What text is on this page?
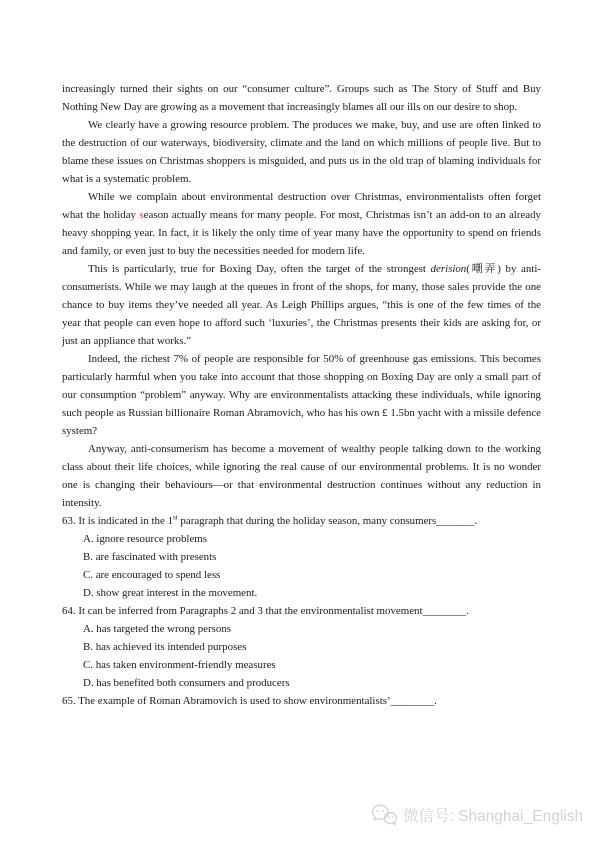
increasingly turned their sights on our “consumer culture”. Groups such as The Story of Stuff and Buy Nothing New Day are growing as a movement that increasingly blames all our ills on our desire to shop.

We clearly have a growing resource problem. The produces we make, buy, and use are often linked to the destruction of our waterways, biodiversity, climate and the land on which millions of people live. But to blame these issues on Christmas shoppers is misguided, and puts us in the old trap of blaming individuals for what is a systematic problem.

While we complain about environmental destruction over Christmas, environmentalists often forget what the holiday season actually means for many people. For most, Christmas isn’t an add-on to an already heavy shopping year. In fact, it is likely the only time of year many have the opportunity to spend on friends and family, or even just to buy the necessities needed for modern life.

This is particularly, true for Boxing Day, often the target of the strongest derision(嘲弄) by anti-consumerists. While we may laugh at the queues in front of the shops, for many, those sales provide the one chance to buy items they’ve needed all year. As Leigh Phillips argues, “this is one of the few times of the year that people can even hope to afford such ‘luxuries’, the Christmas presents their kids are asking for, or just an appliance that works.”

Indeed, the richest 7% of people are responsible for 50% of greenhouse gas emissions. This becomes particularly harmful when you take into account that those shopping on Boxing Day are only a small part of our consumption “problem” anyway. Why are environmentalists attacking these individuals, while ignoring such people as Russian billionaire Roman Abramovich, who has his own £ 1.5bn yacht with a missile defence system?

Anyway, anti-consumerism has become a movement of wealthy people talking down to the working class about their life choices, while ignoring the real cause of our environmental problems. It is no wonder one is changing their behaviours—or that environmental destruction continues without any reduction in intensity.

63. It is indicated in the 1st paragraph that during the holiday season, many consumers_______.

A. ignore resource problems

B. are fascinated with presents

C. are encouraged to spend less

D. show great interest in the movement.

64. It can be inferred from Paragraphs 2 and 3 that the environmentalist movement________.

A. has targeted the wrong persons

B. has achieved its intended purposes

C. has taken environment-friendly measures

D. has benefited both consumers and producers

65. The example of Roman Abramovich is used to show environmentalists’________.

微信号: Shanghai_English
